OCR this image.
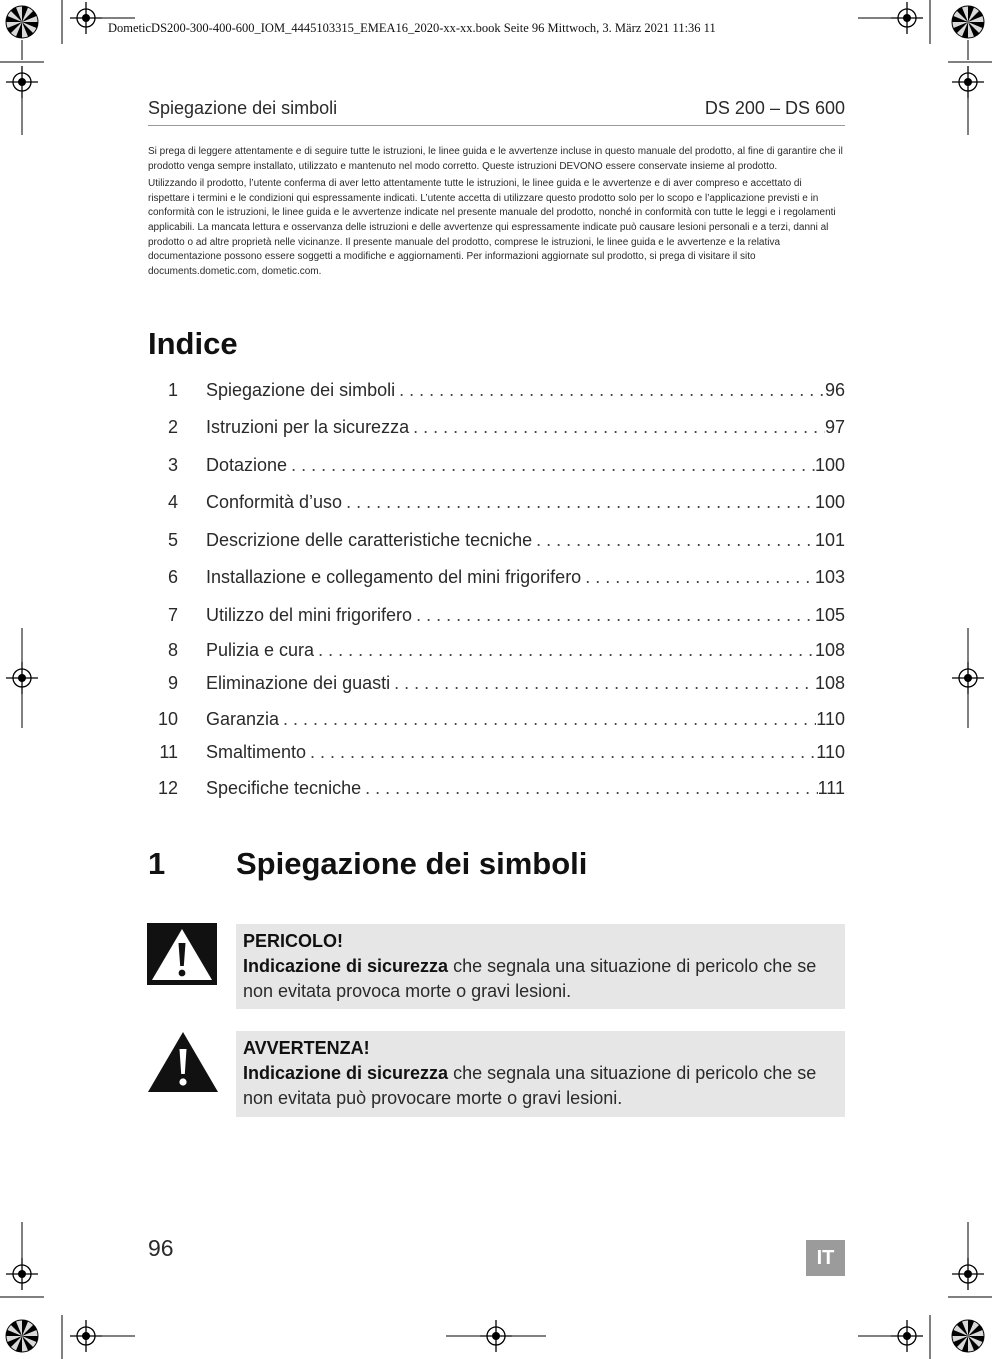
DometicDS200-300-400-600_IOM_4445103315_EMEA16_2020-xx-xx.book Seite 96 Mittwoch, 3. März 2021 11:36 11
Spiegazione dei simboli	DS 200 – DS 600

Si prega di leggere attentamente e di seguire tutte le istruzioni, le linee guida e le avvertenze incluse in questo manuale del prodotto, al fine di garantire che il prodotto venga sempre installato, utilizzato e mantenuto nel modo corretto. Queste istruzioni DEVONO essere conservate insieme al prodotto.

Utilizzando il prodotto, l’utente conferma di aver letto attentamente tutte le istruzioni, le linee guida e le avvertenze e di aver compreso e accettato di rispettare i termini e le condizioni qui espressamente indicati. L’utente accetta di utilizzare questo prodotto solo per lo scopo e l’applicazione previsti e in conformità con le istruzioni, le linee guida e le avvertenze indicate nel presente manuale del prodotto, nonché in conformità con tutte le leggi e i regolamenti applicabili. La mancata lettura e osservanza delle istruzioni e delle avvertenze qui espressamente indicate può causare lesioni personali e a terzi, danni al prodotto o ad altre proprietà nelle vicinanze. Il presente manuale del prodotto, comprese le istruzioni, le linee guida e le avvertenze e la relativa documentazione possono essere soggetti a modifiche e aggiornamenti. Per informazioni aggiornate sul prodotto, si prega di visitare il sito documents.dometic.com, dometic.com.

Indice
1 Spiegazione dei simboli . . .	96
2 Istruzioni per la sicurezza . . .	97
3 Dotazione . . .	100
4 Conformità d’uso . . .	100
5 Descrizione delle caratteristiche tecniche . . .	101
6 Installazione e collegamento del mini frigorifero . . .	103
7 Utilizzo del mini frigorifero . . .	105
8 Pulizia e cura . . .	108
9 Eliminazione dei guasti . . .	108
10 Garanzia . . .	110
11 Smaltimento . . .	110
12 Specifiche tecniche . . .	111
1 Spiegazione dei simboli
PERICOLO!
Indicazione di sicurezza che segnala una situazione di pericolo che se non evitata provoca morte o gravi lesioni.
AVVERTENZA!
Indicazione di sicurezza che segnala una situazione di pericolo che se non evitata può provocare morte o gravi lesioni.
96	IT
